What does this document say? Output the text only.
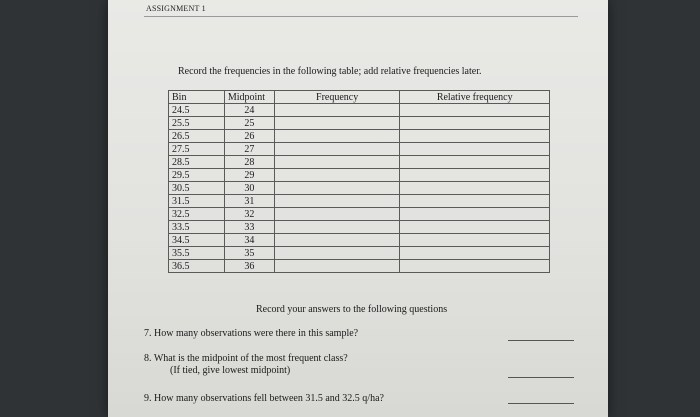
ASSIGNMENT 1
Record the frequencies in the following table; add relative frequencies later.
Bin	Midpoint	Frequency	Relative frequency
24.5	24		
25.5	25		
26.5	26		
27.5	27		
28.5	28		
29.5	29		
30.5	30		
31.5	31		
32.5	32		
33.5	33		
34.5	34		
35.5	35		
36.5	36		
Record your answers to the following questions
7. How many observations were there in this sample?
8. What is the midpoint of the most frequent class?
(If tied, give lowest midpoint)
9. How many observations fell between 31.5 and 32.5 q/ha?
